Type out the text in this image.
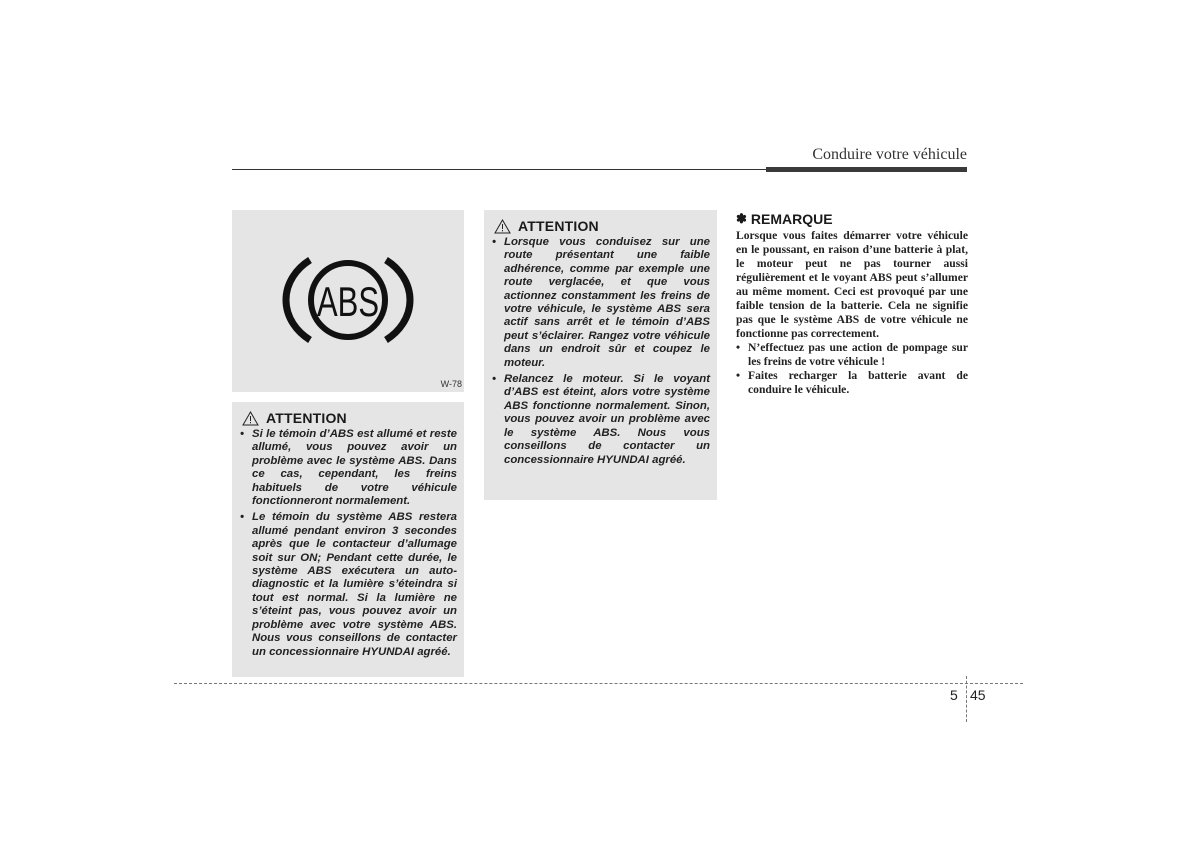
Conduire votre véhicule
ABS
W-78
ATTENTION
• Si le témoin d’ABS est allumé et reste allumé, vous pouvez avoir un problème avec le système ABS. Dans ce cas, cependant, les freins habituels de votre véhicule fonctionneront normalement.
• Le témoin du système ABS restera allumé pendant environ 3 secondes après que le contacteur d’allumage soit sur ON; Pendant cette durée, le système ABS exécutera un auto-diagnostic et la lumière s’éteindra si tout est normal. Si la lumière ne s’éteint pas, vous pouvez avoir un problème avec votre système ABS. Nous vous conseillons de contacter un concessionnaire HYUNDAI agréé.
ATTENTION
• Lorsque vous conduisez sur une route présentant une faible adhérence, comme par exemple une route verglacée, et que vous actionnez constamment les freins de votre véhicule, le système ABS sera actif sans arrêt et le témoin d’ABS peut s’éclairer. Rangez votre véhicule dans un endroit sûr et coupez le moteur.
• Relancez le moteur. Si le voyant d’ABS est éteint, alors votre système ABS fonctionne normalement. Sinon, vous pouvez avoir un problème avec le système ABS. Nous vous conseillons de contacter un concessionnaire HYUNDAI agréé.
✽ REMARQUE

Lorsque vous faites démarrer votre véhicule en le poussant, en raison d’une batterie à plat, le moteur peut ne pas tourner aussi régulièrement et le voyant ABS peut s’allumer au même moment. Ceci est provoqué par une faible tension de la batterie. Cela ne signifie pas que le système ABS de votre véhicule ne fonctionne pas correctement.

• N’effectuez pas une action de pompage sur les freins de votre véhicule !
• Faites recharger la batterie avant de conduire le véhicule.
5 45
